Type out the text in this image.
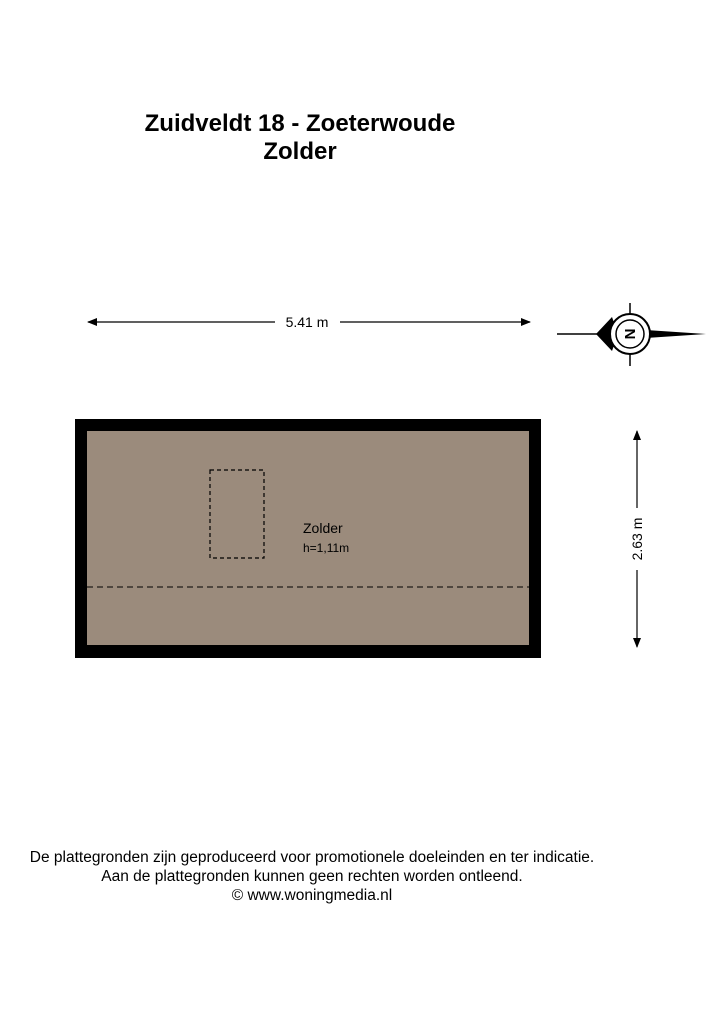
Zuidveldt 18 - Zoeterwoude
Zolder
5.41 m
2.63 m
N
Zolder
h=1,11m
De plattegronden zijn geproduceerd voor promotionele doeleinden en ter indicatie.
Aan de plattegronden kunnen geen rechten worden ontleend.
© www.woningmedia.nl
